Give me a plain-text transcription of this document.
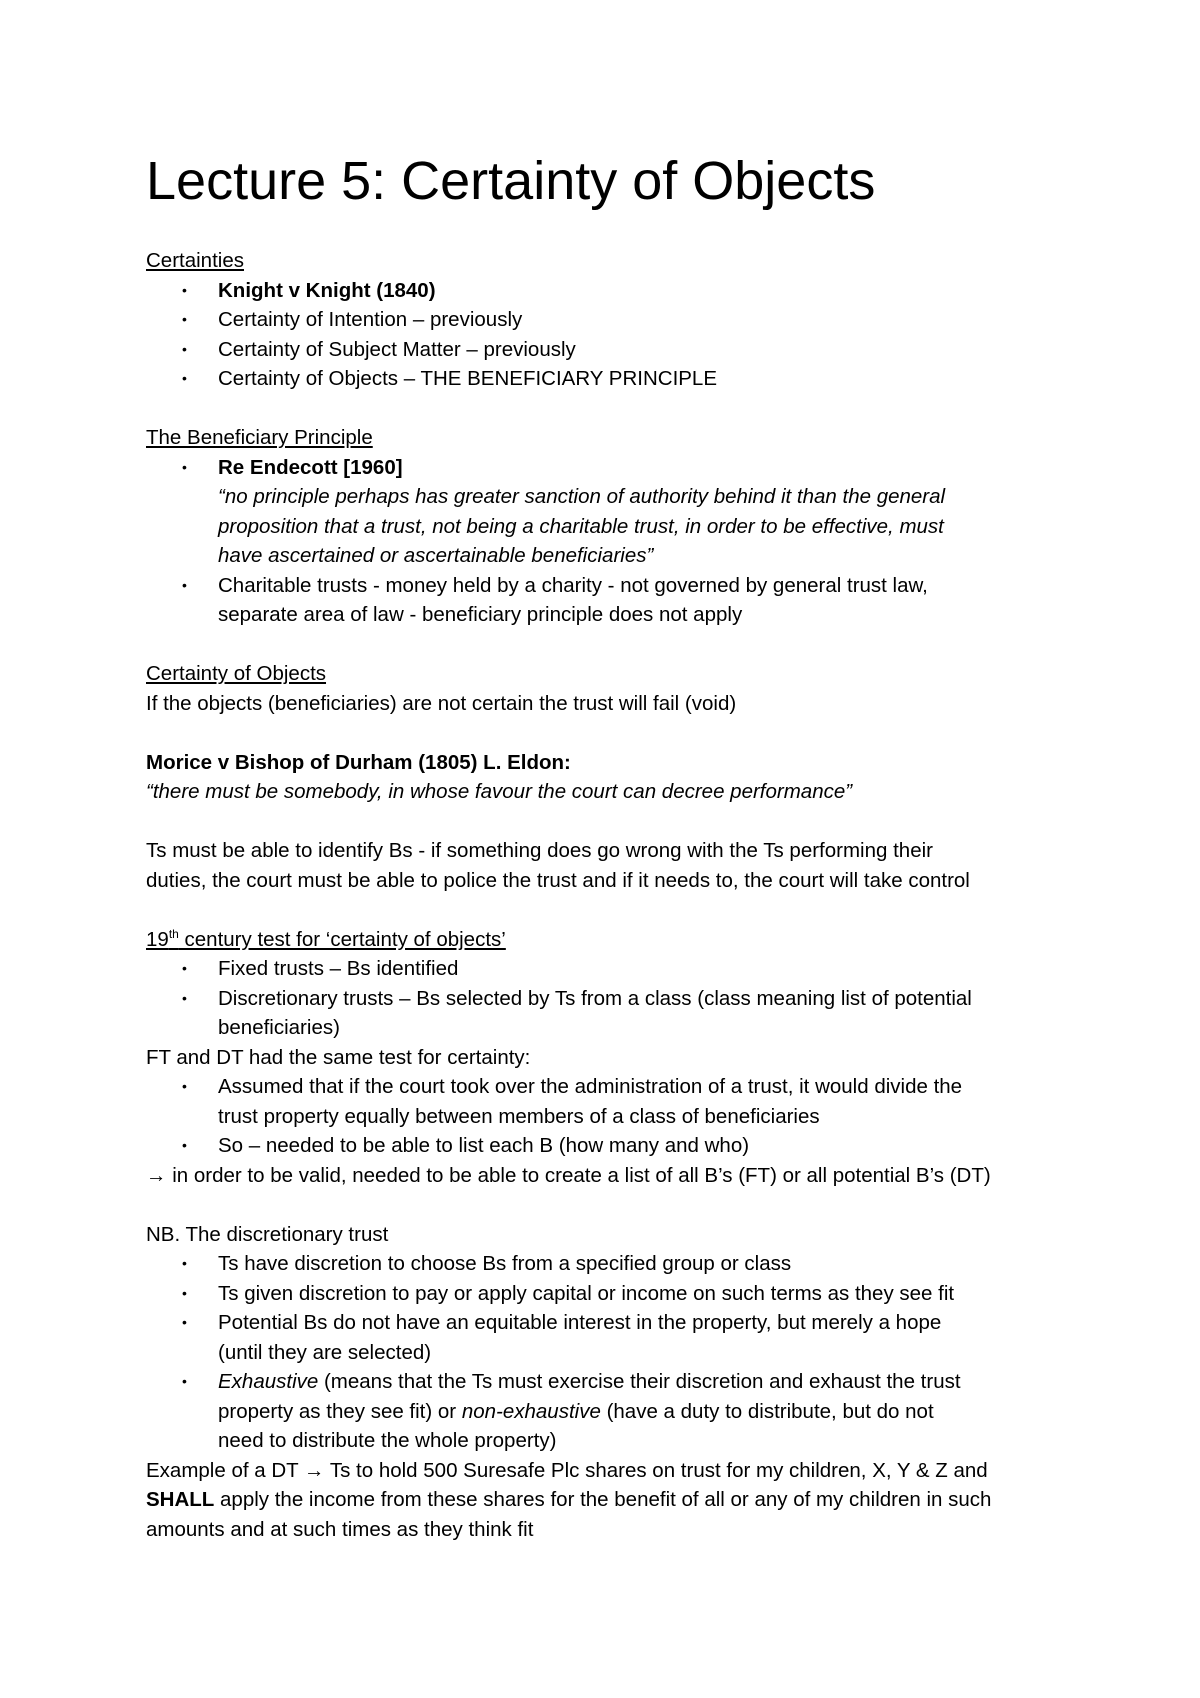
Lecture 5: Certainty of Objects

Certainties

• Knight v Knight (1840)
• Certainty of Intention – previously
• Certainty of Subject Matter – previously
• Certainty of Objects – THE BENEFICIARY PRINCIPLE

The Beneficiary Principle

• Re Endecott [1960]
“no principle perhaps has greater sanction of authority behind it than the general
proposition that a trust, not being a charitable trust, in order to be effective, must
have ascertained or ascertainable beneficiaries”
• Charitable trusts - money held by a charity - not governed by general trust law,
separate area of law - beneficiary principle does not apply

Certainty of Objects

If the objects (beneficiaries) are not certain the trust will fail (void)

Morice v Bishop of Durham (1805) L. Eldon:

“there must be somebody, in whose favour the court can decree performance”

Ts must be able to identify Bs - if something does go wrong with the Ts performing their

duties, the court must be able to police the trust and if it needs to, the court will take control

19th century test for ‘certainty of objects’

• Fixed trusts – Bs identified
• Discretionary trusts – Bs selected by Ts from a class (class meaning list of potential
beneficiaries)

FT and DT had the same test for certainty:

• Assumed that if the court took over the administration of a trust, it would divide the
trust property equally between members of a class of beneficiaries
• So – needed to be able to list each B (how many and who)

→ in order to be valid, needed to be able to create a list of all B’s (FT) or all potential B’s (DT)

NB. The discretionary trust

• Ts have discretion to choose Bs from a specified group or class
• Ts given discretion to pay or apply capital or income on such terms as they see fit
• Potential Bs do not have an equitable interest in the property, but merely a hope
(until they are selected)
• Exhaustive (means that the Ts must exercise their discretion and exhaust the trust
property as they see fit) or non-exhaustive (have a duty to distribute, but do not
need to distribute the whole property)

Example of a DT → Ts to hold 500 Suresafe Plc shares on trust for my children, X, Y & Z and

SHALL apply the income from these shares for the benefit of all or any of my children in such

amounts and at such times as they think fit
